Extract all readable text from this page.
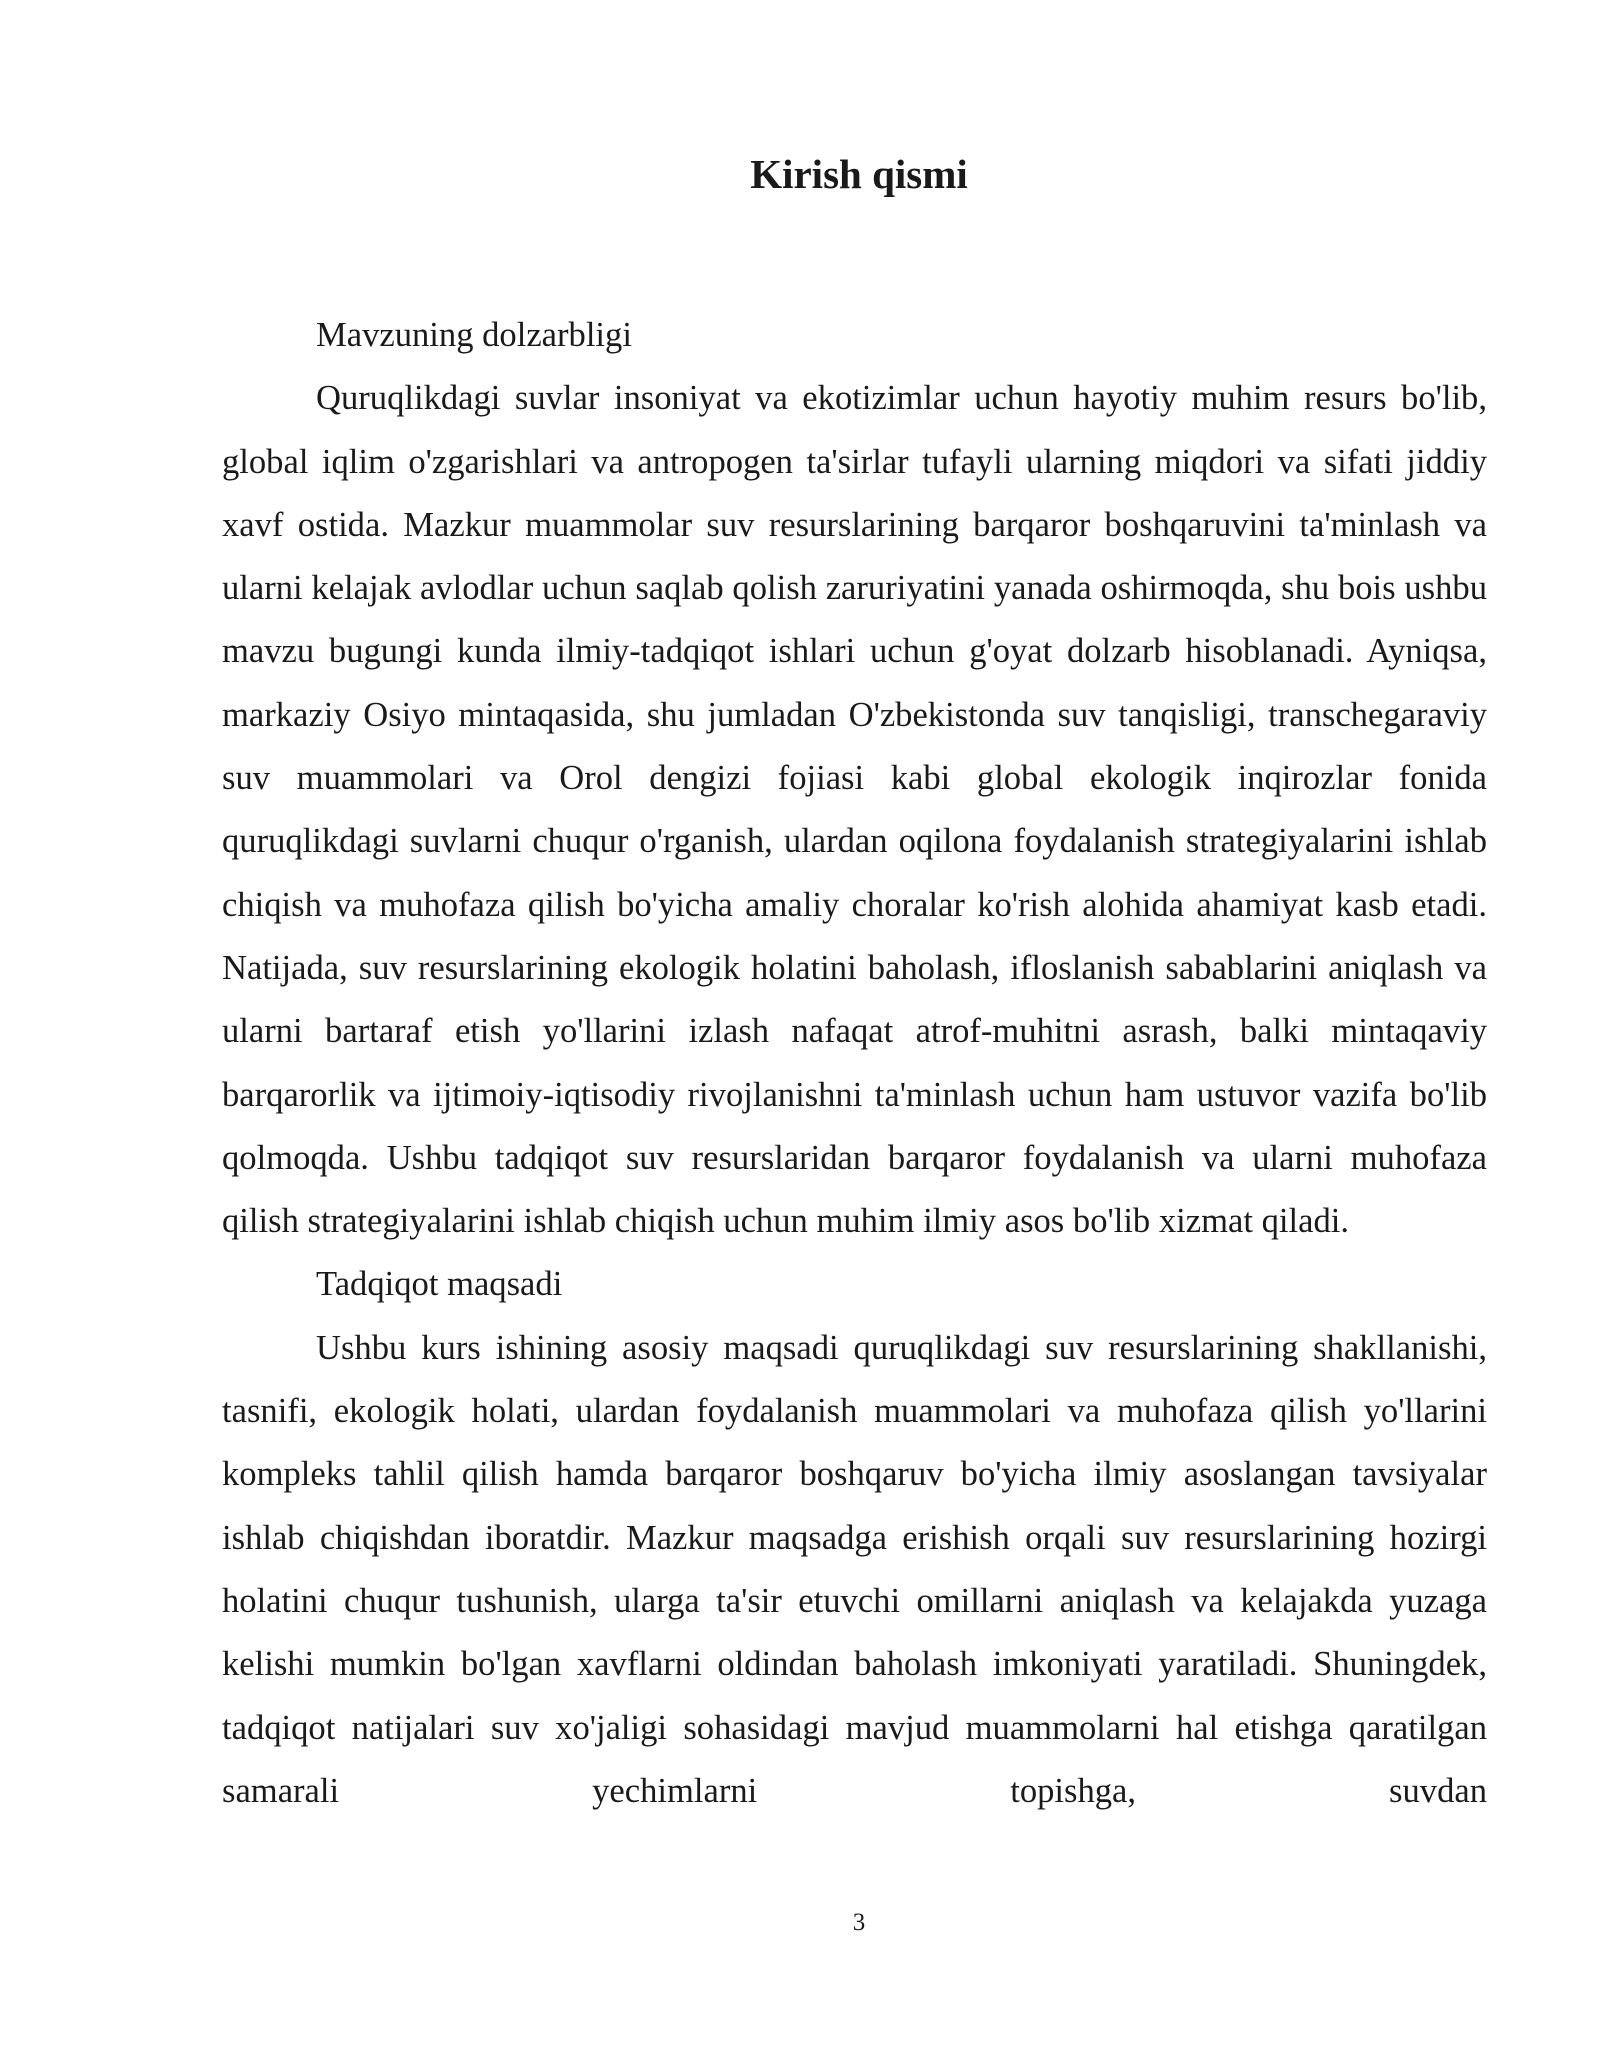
Kirish qismi

Mavzuning dolzarbligi

Quruqlikdagi suvlar insoniyat va ekotizimlar uchun hayotiy muhim resurs bo'lib, global iqlim o'zgarishlari va antropogen ta'sirlar tufayli ularning miqdori va sifati jiddiy xavf ostida. Mazkur muammolar suv resurslarining barqaror boshqaruvini ta'minlash va ularni kelajak avlodlar uchun saqlab qolish zaruriyatini yanada oshirmoqda, shu bois ushbu mavzu bugungi kunda ilmiy-tadqiqot ishlari uchun g'oyat dolzarb hisoblanadi. Ayniqsa, markaziy Osiyo mintaqasida, shu jumladan O'zbekistonda suv tanqisligi, transchegaraviy suv muammolari va Orol dengizi fojiasi kabi global ekologik inqirozlar fonida quruqlikdagi suvlarni chuqur o'rganish, ulardan oqilona foydalanish strategiyalarini ishlab chiqish va muhofaza qilish bo'yicha amaliy choralar ko'rish alohida ahamiyat kasb etadi. Natijada, suv resurslarining ekologik holatini baholash, ifloslanish sabablarini aniqlash va ularni bartaraf etish yo'llarini izlash nafaqat atrof-muhitni asrash, balki mintaqaviy barqarorlik va ijtimoiy-iqtisodiy rivojlanishni ta'minlash uchun ham ustuvor vazifa bo'lib qolmoqda. Ushbu tadqiqot suv resurslaridan barqaror foydalanish va ularni muhofaza qilish strategiyalarini ishlab chiqish uchun muhim ilmiy asos bo'lib xizmat qiladi.

Tadqiqot maqsadi

Ushbu kurs ishining asosiy maqsadi quruqlikdagi suv resurslarining shakllanishi, tasnifi, ekologik holati, ulardan foydalanish muammolari va muhofaza qilish yo'llarini kompleks tahlil qilish hamda barqaror boshqaruv bo'yicha ilmiy asoslangan tavsiyalar ishlab chiqishdan iboratdir. Mazkur maqsadga erishish orqali suv resurslarining hozirgi holatini chuqur tushunish, ularga ta'sir etuvchi omillarni aniqlash va kelajakda yuzaga kelishi mumkin bo'lgan xavflarni oldindan baholash imkoniyati yaratiladi. Shuningdek, tadqiqot natijalari suv xo'jaligi sohasidagi mavjud muammolarni hal etishga qaratilgan samarali yechimlarni topishga, suvdan

3
